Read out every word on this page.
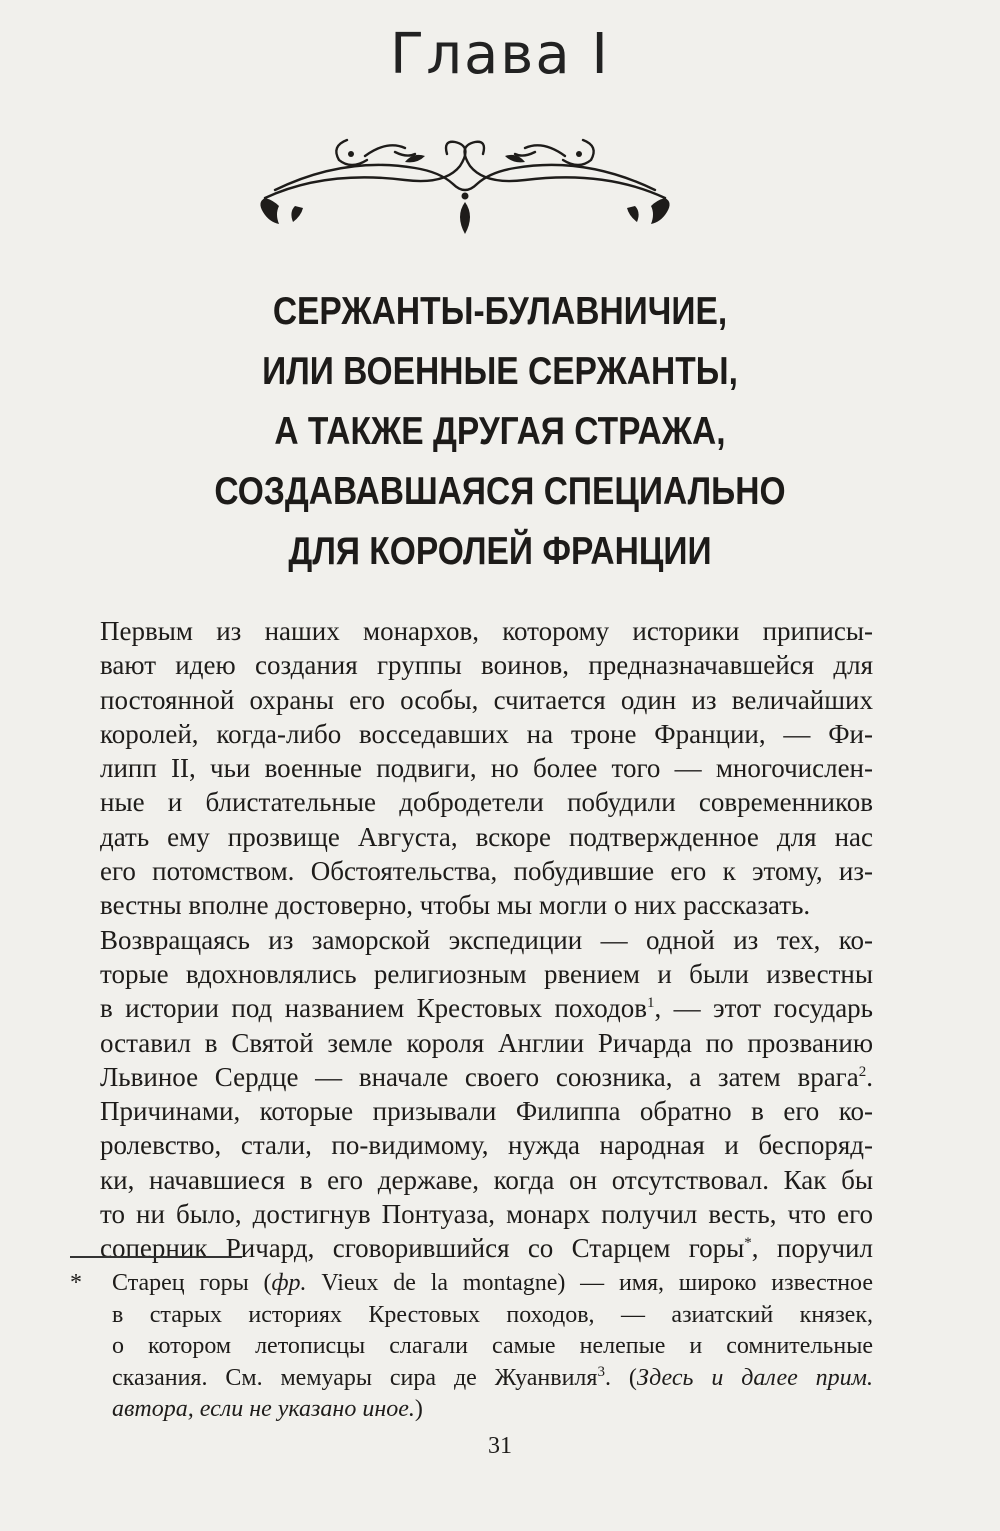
Глава I
СЕРЖАНТЫ-БУЛАВНИЧИЕ,
ИЛИ ВОЕННЫЕ СЕРЖАНТЫ,
А ТАКЖЕ ДРУГАЯ СТРАЖА,
СОЗДАВАВШАЯСЯ СПЕЦИАЛЬНО
ДЛЯ КОРОЛЕЙ ФРАНЦИИ

Первым из наших монархов, которому историки приписы-
вают идею создания группы воинов, предназначавшейся для
постоянной охраны его особы, считается один из величайших
королей, когда-либо восседавших на троне Франции, — Фи-
липп II, чьи военные подвиги, но более того — многочислен-
ные и блистательные добродетели побудили современников
дать ему прозвище Августа, вскоре подтвержденное для нас
его потомством. Обстоятельства, побудившие его к этому, из-
вестны вполне достоверно, чтобы мы могли о них рассказать.

Возвращаясь из заморской экспедиции — одной из тех, ко-
торые вдохновлялись религиозным рвением и были известны
в истории под названием Крестовых походов$^1$, — этот государь
оставил в Святой земле короля Англии Ричарда по прозванию
Львиное Сердце — вначале своего союзника, а затем врага$^2$.
Причинами, которые призывали Филиппа обратно в его ко-
ролевство, стали, по-видимому, нужда народная и беспоряд-
ки, начавшиеся в его державе, когда он отсутствовал. Как бы
то ни было, достигнув Понтуаза, монарх получил весть, что его
соперник Ричард, сговорившийся со Старцем горы*, поручил

* Старец горы (фр. Vieux de la montagne) — имя, широко известное
в старых историях Крестовых походов, — азиатский князек,
о котором летописцы слагали самые нелепые и сомнительные
сказания. См. мемуары сира де Жуанвиля$^3$. (Здесь и далее прим.
автора, если не указано иное.)
31
